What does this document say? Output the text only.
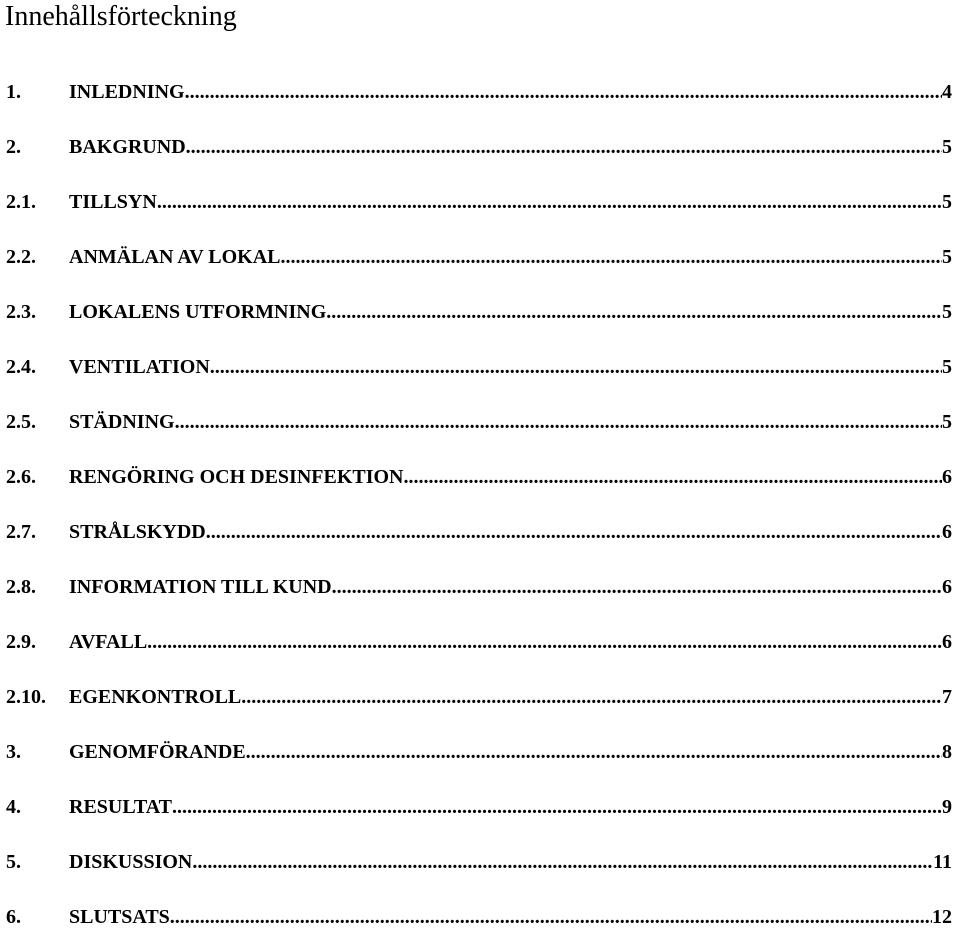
Innehållsförteckning
1. INLEDNING .....	4
2. BAKGRUND .....	5
2.1. TILLSYN .....	5
2.2. ANMÄLAN AV LOKAL .....	5
2.3. LOKALENS UTFORMNING .....	5
2.4. VENTILATION .....	5
2.5. STÄDNING .....	5
2.6. RENGÖRING OCH DESINFEKTION .....	6
2.7. STRÅLSKYDD .....	6
2.8. INFORMATION TILL KUND .....	6
2.9. AVFALL .....	6
2.10. EGENKONTROLL .....	7
3. GENOMFÖRANDE .....	8
4. RESULTAT .....	9
5. DISKUSSION .....	11
6. SLUTSATS .....	12
